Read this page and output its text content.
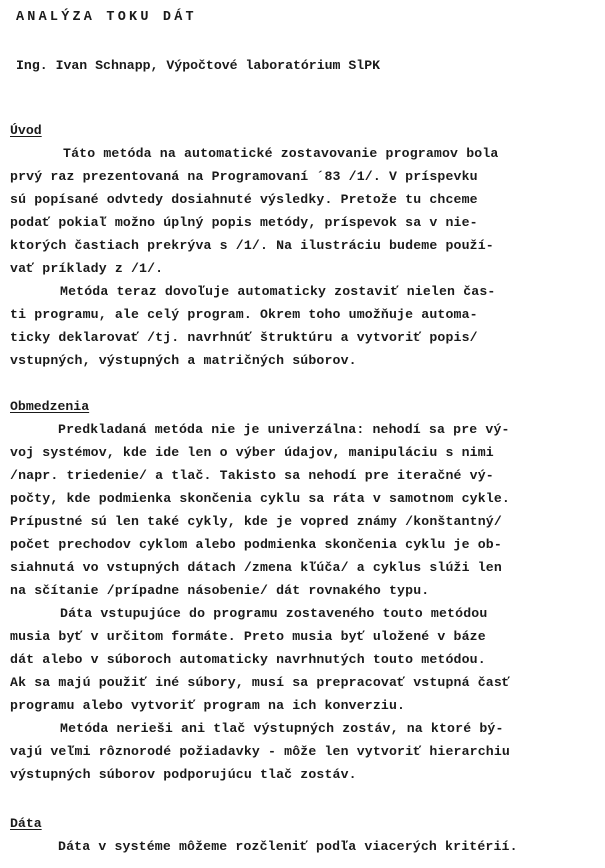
ANALÝZA TOKU DÁT
Ing. Ivan Schnapp, Výpočtové laboratórium SlPK
Úvod
Táto metóda na automatické zostavovanie programov bola
prvý raz prezentovaná na Programovaní ´83 /1/. V príspevku
sú popísané odvtedy dosiahnuté výsledky. Pretože tu chceme
podať pokiaľ možno úplný popis metódy, príspevok sa v nie-
ktorých častiach prekrýva s /1/. Na ilustráciu budeme použí-
vať príklady z /1/.
Metóda teraz dovoľuje automaticky zostaviť nielen čas-
ti programu, ale celý program. Okrem toho umožňuje automa-
ticky deklarovať /tj. navrhnúť štruktúru a vytvoriť popis/
vstupných, výstupných a matričných súborov.
Obmedzenia
Predkladaná metóda nie je univerzálna: nehodí sa pre vý-
voj systémov, kde ide len o výber údajov, manipuláciu s nimi
/napr. triedenie/ a tlač. Takisto sa nehodí pre iteračné vý-
počty, kde podmienka skončenia cyklu sa ráta v samotnom cykle.
Prípustné sú len také cykly, kde je vopred známy /konštantný/
počet prechodov cyklom alebo podmienka skončenia cyklu je ob-
siahnutá vo vstupných dátach /zmena kľúča/ a cyklus slúži len
na sčítanie /prípadne násobenie/ dát rovnakého typu.
Dáta vstupujúce do programu zostaveného touto metódou
musia byť v určitom formáte. Preto musia byť uložené v báze
dát alebo v súboroch automaticky navrhnutých touto metódou.
Ak sa majú použiť iné súbory, musí sa prepracovať vstupná časť
programu alebo vytvoriť program na ich konverziu.
Metóda nerieši ani tlač výstupných zostáv, na ktoré bý-
vajú veľmi rôznorodé požiadavky - môže len vytvoriť hierarchiu
výstupných súborov podporujúcu tlač zostáv.
Dáta
Dáta v systéme môžeme rozčleniť podľa viacerých kritérií.
